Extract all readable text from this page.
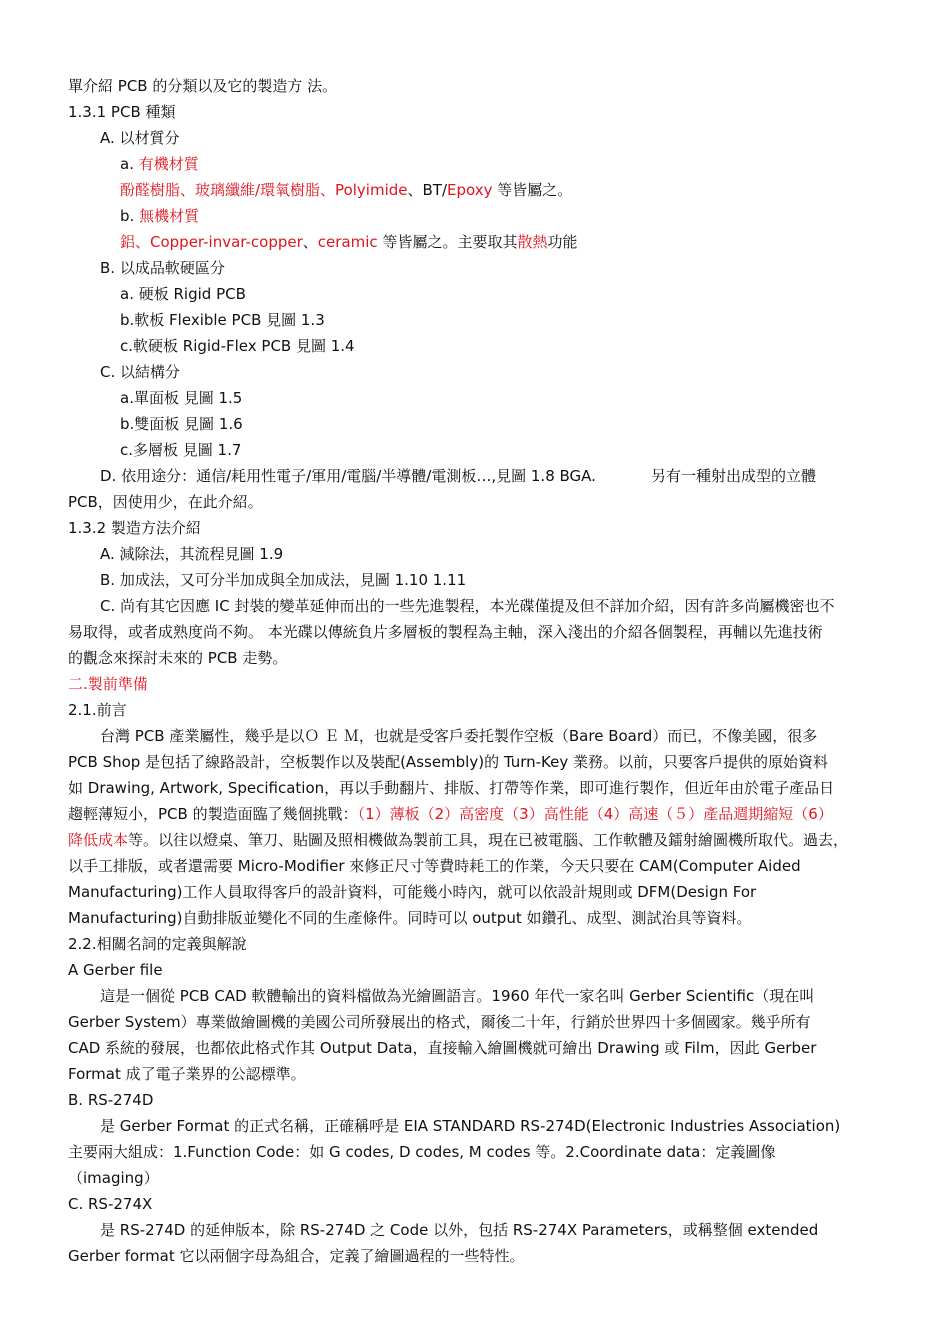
單介紹 PCB 的分類以及它的製造方 法。
1.3.1 PCB 種類
A. 以材質分
a. 有機材質
酚醛樹脂、玻璃纖維/環氧樹脂、Polyimide、BT/Epoxy 等皆屬之。
b. 無機材質
鋁、Copper-invar-copper、ceramic 等皆屬之。主要取其散熱功能
B. 以成品軟硬區分
a. 硬板 Rigid PCB
b.軟板 Flexible PCB 見圖 1.3
c.軟硬板 Rigid-Flex PCB 見圖 1.4
C. 以結構分
a.單面板 見圖 1.5
b.雙面板 見圖 1.6
c.多層板 見圖 1.7
D. 依用途分：通信/耗用性電子/軍用/電腦/半導體/電測板…,見圖 1.8 BGA.	另有一種射出成型的立體
PCB，因使用少，在此介紹。
1.3.2 製造方法介紹
A. 減除法，其流程見圖 1.9
B. 加成法，又可分半加成與全加成法，見圖 1.10 1.11
C. 尚有其它因應 IC 封裝的變革延伸而出的一些先進製程，本光碟僅提及但不詳加介紹，因有許多尚屬機密也不
易取得，或者成熟度尚不夠。 本光碟以傳統負片多層板的製程為主軸，深入淺出的介紹各個製程，再輔以先進技術
的觀念來探討未來的 PCB 走勢。
二.製前準備
2.1.前言
台灣 PCB 產業屬性，幾乎是以Ｏ Ｅ Ｍ，也就是受客戶委托製作空板（Bare Board）而已，不像美國，很多
PCB Shop 是包括了線路設計，空板製作以及裝配(Assembly)的 Turn-Key 業務。以前，只要客戶提供的原始資料
如 Drawing, Artwork, Specification，再以手動翻片、排版、打帶等作業，即可進行製作，但近年由於電子產品日
趨輕薄短小，PCB 的製造面臨了幾個挑戰：（1）薄板（2）高密度（3）高性能（4）高速（５）產品週期縮短（6）
降低成本等。以往以燈桌、筆刀、貼圖及照相機做為製前工具，現在已被電腦、工作軟體及鐳射繪圖機所取代。過去，
以手工排版，或者還需要 Micro-Modifier 來修正尺寸等費時耗工的作業，今天只要在 CAM(Computer Aided
Manufacturing)工作人員取得客戶的設計資料，可能幾小時內，就可以依設計規則或 DFM(Design For
Manufacturing)自動排版並變化不同的生產條件。同時可以 output 如鑽孔、成型、測試治具等資料。
2.2.相關名詞的定義與解說
A Gerber file
這是一個從 PCB CAD 軟體輸出的資料檔做為光繪圖語言。1960 年代一家名叫 Gerber Scientific（現在叫
Gerber System）專業做繪圖機的美國公司所發展出的格式，爾後二十年，行銷於世界四十多個國家。幾乎所有
CAD 系統的發展，也都依此格式作其 Output Data，直接輸入繪圖機就可繪出 Drawing 或 Film，因此 Gerber
Format 成了電子業界的公認標準。
B. RS-274D
是 Gerber Format 的正式名稱，正確稱呼是 EIA STANDARD RS-274D(Electronic Industries Association)
主要兩大組成：1.Function Code：如 G codes, D codes, M codes 等。2.Coordinate data：定義圖像
（imaging）
C. RS-274X
是 RS-274D 的延伸版本，除 RS-274D 之 Code 以外，包括 RS-274X Parameters，或稱整個 extended
Gerber format 它以兩個字母為組合，定義了繪圖過程的一些特性。
